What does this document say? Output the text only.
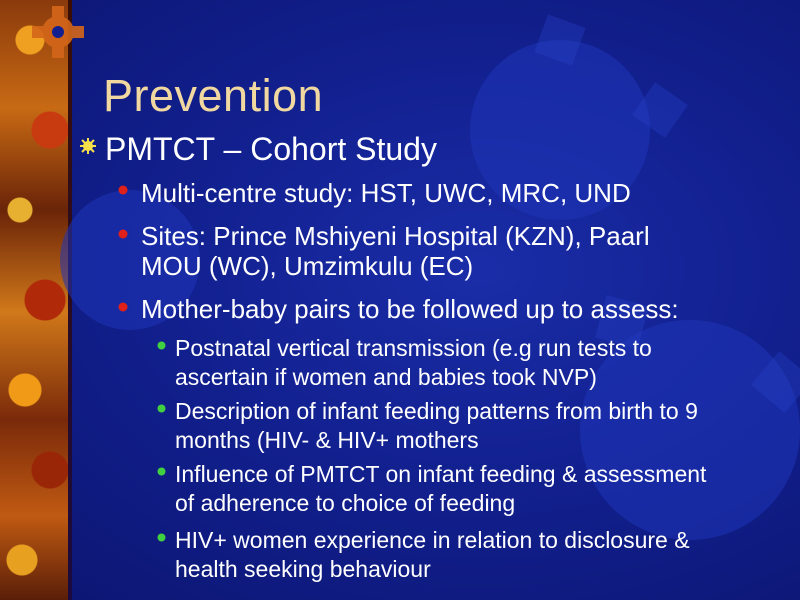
Prevention
PMTCT – Cohort Study
Multi-centre study: HST, UWC, MRC, UND
Sites: Prince Mshiyeni Hospital (KZN), Paarl
MOU (WC), Umzimkulu (EC)
Mother-baby pairs to be followed up to assess:
Postnatal vertical transmission (e.g run tests to
ascertain if women and babies took NVP)
Description of infant feeding patterns from birth to 9
months (HIV- & HIV+ mothers
Influence of PMTCT on infant feeding & assessment
of adherence to choice of feeding
HIV+ women experience in relation to disclosure &
health seeking behaviour
